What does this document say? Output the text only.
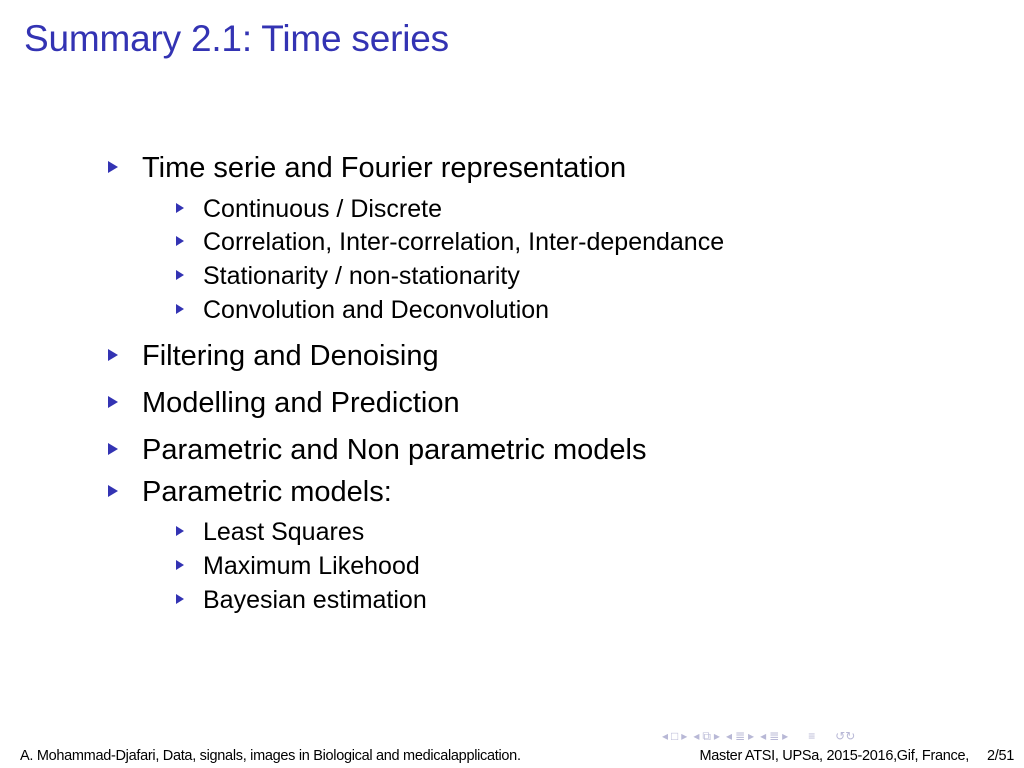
Summary 2.1: Time series
Time serie and Fourier representation
Continuous / Discrete
Correlation, Inter-correlation, Inter-dependance
Stationarity / non-stationarity
Convolution and Deconvolution
Filtering and Denoising
Modelling and Prediction
Parametric and Non parametric models
Parametric models:
Least Squares
Maximum Likehood
Bayesian estimation
◂ □ ▸ ◂ ⧉ ▸ ◂ ≣ ▸ ◂ ≣ ▸ ≡ ↺↻
A. Mohammad-Djafari, Data, signals, images in Biological and medicalapplication.	Master ATSI, UPSa, 2015-2016,Gif, France, 2/51
